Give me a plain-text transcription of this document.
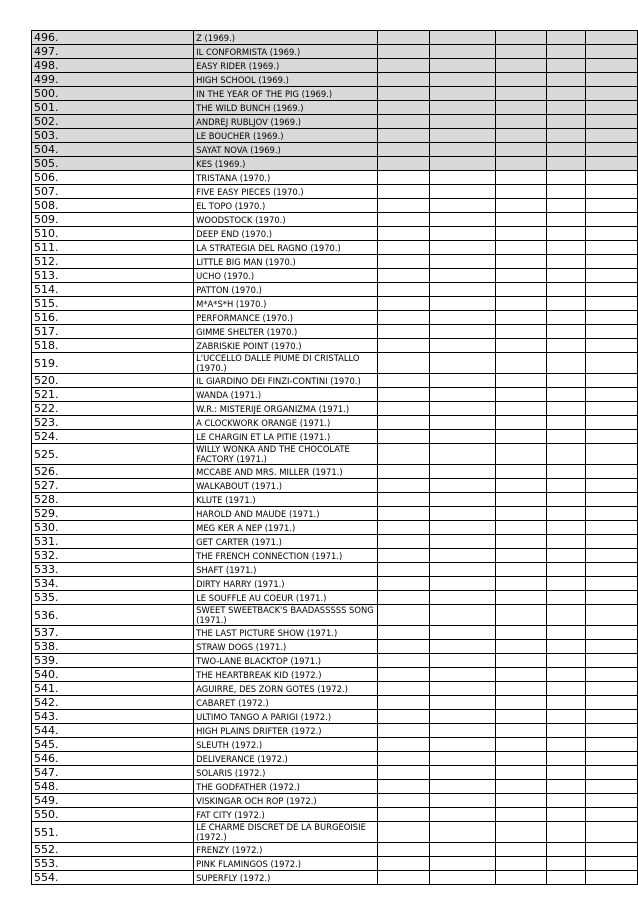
496.	Z (1969.)					
497.	IL CONFORMISTA (1969.)					
498.	EASY RIDER (1969.)					
499.	HIGH SCHOOL (1969.)					
500.	IN THE YEAR OF THE PIG (1969.)					
501.	THE WILD BUNCH (1969.)					
502.	ANDREJ RUBLJOV (1969.)					
503.	LE BOUCHER (1969.)					
504.	SAYAT NOVA (1969.)					
505.	KES (1969.)					
506.	TRISTANA (1970.)					
507.	FIVE EASY PIECES (1970.)					
508.	EL TOPO (1970.)					
509.	WOODSTOCK (1970.)					
510.	DEEP END (1970.)					
511.	LA STRATEGIA DEL RAGNO (1970.)					
512.	LITTLE BIG MAN (1970.)					
513.	UCHO (1970.)					
514.	PATTON (1970.)					
515.	M*A*S*H (1970.)					
516.	PERFORMANCE (1970.)					
517.	GIMME SHELTER (1970.)					
518.	ZABRISKIE POINT (1970.)					
519.	L'UCCELLO DALLE PIUME DI CRISTALLO (1970.)					
520.	IL GIARDINO DEI FINZI-CONTINI (1970.)					
521.	WANDA (1971.)					
522.	W.R.: MISTERIJE ORGANIZMA (1971.)					
523.	A CLOCKWORK ORANGE (1971.)					
524.	LE CHARGIN ET LA PITIE (1971.)					
525.	WILLY WONKA AND THE CHOCOLATE FACTORY (1971.)					
526.	MCCABE AND MRS. MILLER (1971.)					
527.	WALKABOUT (1971.)					
528.	KLUTE (1971.)					
529.	HAROLD AND MAUDE (1971.)					
530.	MEG KER A NEP (1971.)					
531.	GET CARTER (1971.)					
532.	THE FRENCH CONNECTION (1971.)					
533.	SHAFT (1971.)					
534.	DIRTY HARRY (1971.)					
535.	LE SOUFFLE AU COEUR (1971.)					
536.	SWEET SWEETBACK'S BAADASSSSS SONG (1971.)					
537.	THE LAST PICTURE SHOW (1971.)					
538.	STRAW DOGS (1971.)					
539.	TWO-LANE BLACKTOP (1971.)					
540.	THE HEARTBREAK KID (1972.)					
541.	AGUIRRE, DES ZORN GOTES (1972.)					
542.	CABARET (1972.)					
543.	ULTIMO TANGO A PARIGI (1972.)					
544.	HIGH PLAINS DRIFTER (1972.)					
545.	SLEUTH (1972.)					
546.	DELIVERANCE (1972.)					
547.	SOLARIS (1972.)					
548.	THE GODFATHER (1972.)					
549.	VISKINGAR OCH ROP (1972.)					
550.	FAT CITY (1972.)					
551.	LE CHARME DISCRET DE LA BURGEOISIE (1972.)					
552.	FRENZY (1972.)					
553.	PINK FLAMINGOS (1972.)					
554.	SUPERFLY (1972.)					
